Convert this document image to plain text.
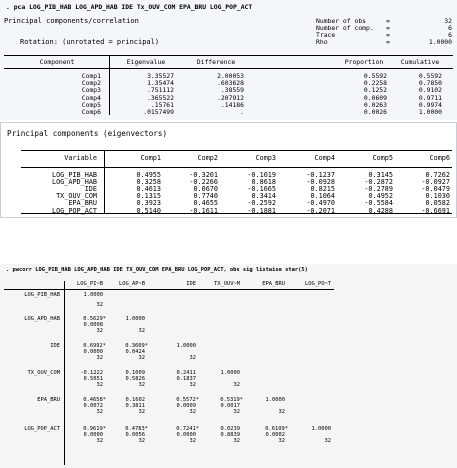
. pca LOG_PIB_HAB LOG_APD_HAB IDE Tx_OUV_COM EPA_BRU LOG_POP_ACT
Principal components/correlation
Rotation: (unrotated = principal)
Number of obs	=	32
Number of comp. =	6
Trace	=	6
Rho	=	1.0000
Component	Eigenvalue	Difference	Proportion	Cumulative
Comp1	3.35527	2.00053	0.5592	0.5592
Comp2	1.35474	.603628	0.2258	0.7850
Comp3	.751112	.38559	0.1252	0.9102
Comp4	.365522	.207912	0.0609	0.9711
Comp5	.15761	.14186	0.0263	0.9974
Comp6	.0157499	.	0.0026	1.0000
Principal components (eigenvectors)
Variable	Comp1	Comp2	Comp3	Comp4	Comp5	Comp6
LOG_PIB_HAB	0.4955	-0.3201	-0.1019	-0.1237	0.3145	0.7262
LOG_APD_HAB	0.3258	-0.2266	0.8618	-0.0928	-0.2872	-0.0927
IDE	0.4613	0.0670	-0.1665	0.8215	-0.2789	-0.0479
TX_OUV_COM	0.1315	0.7740	0.3414	0.1064	0.4952	0.1030
EPA_BRU	0.3923	0.4655	-0.2592	-0.4970	-0.5584	0.0582
LOG_POP_ACT	0.5140	-0.1611	-0.1881	-0.2071	0.4288	-0.6691
. pwcorr LOG_PIB_HAB LOG_APD_HAB IDE TX_OUV_COM EPA_BRU LOG_POP_ACT, obs sig listwise star(5)
LOG_PI~B	LOG_AP~B	IDE	TX_OUV~M	EPA_BRU	LOG_PO~T
LOG_PIB_HAB	1.0000
32
LOG_APD_HAB	0.5629*	1.0000
0.0008
32	32
IDE	0.6992*	0.3609*	1.0000
0.0000	0.0424
32	32	32
TX_OUV_COM	-0.1222	0.1009	0.2411	1.0000
0.5051	0.5826	0.1837
32	32	32	32
EPA_BRU	0.4658*	0.1602	0.5572*	0.5319*	1.0000
0.0072	0.3811	0.0009	0.0017
32	32	32	32	32
LOG_POP_ACT	0.9619*	0.4783*	0.7241*	0.0239	0.6109*	1.0000
0.0000	0.0056	0.0000	0.8839	0.0002
32	32	32	32	32	32
